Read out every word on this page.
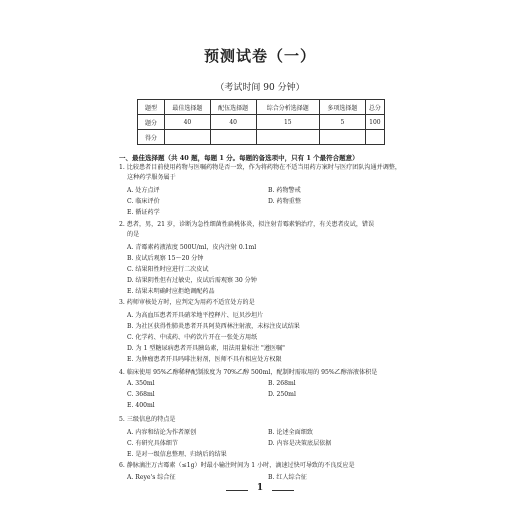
预测试卷（一）
（考试时间 90 分钟）
题型	最佳选择题	配伍选择题	综合分析选择题	多项选择题	总分
题分	40	40	15	5	100
得分					
一、最佳选择题（共 40 题，每题 1 分。每题的备选项中，只有 1 个最符合题意）
1. 比较患者目前使用药物与医嘱药物是否一致，作为将药物在不适当用药方案时与医疗团队沟通并调整，
这种药学服务属于
A. 处方点评	B. 药物警戒
C. 临床评价	D. 药物重整
E. 循证药学
2. 患者，男，21 岁，诊断为急性细菌性扁桃体炎，拟注射青霉素钠治疗，有关患者皮试，错误
的是
A. 青霉素药液浓度 500U/ml，皮内注射 0.1ml
B. 皮试后观察 15～20 分钟
C. 结果阳性时应进行二次皮试
D. 结果阴性但有过敏史，皮试后需观察 30 分钟
E. 结果未明确时应拒绝调配药品
3. 药师审核处方时，应判定为用药不适宜处方的是
A. 为高血压患者开具硝苯地平控释片、厄贝沙坦片
B. 为社区获得性肺炎患者开具阿莫西林注射液，未标注皮试结果
C. 化学药、中成药、中药饮片开在一张处方用纸
D. 为 1 型糖尿病患者开具胰岛素，用法用量标注 "遵医嘱"
E. 为肿瘤患者开具吗啡注射剂，医师不具有相应处方权限
4. 临床使用 95%乙醇稀释配制浓度为 70%乙醇 500ml，配制时需取用的 95%乙醇溶液体积是
A. 350ml	B. 268ml
C. 368ml	D. 250ml
E. 400ml
5. 三级信息的特点是
A. 内容和结论为作者原创	B. 论述全面细致
C. 有研究具体细节	D. 内容是决策底层依据
E. 是对一级信息整理、归纳后的结果
6. 静脉滴注万古霉素（≤1g）时最小输注时间为 1 小时，滴速过快可导致的不良反应是
A. Reye's 综合征	B. 红人综合征
1
